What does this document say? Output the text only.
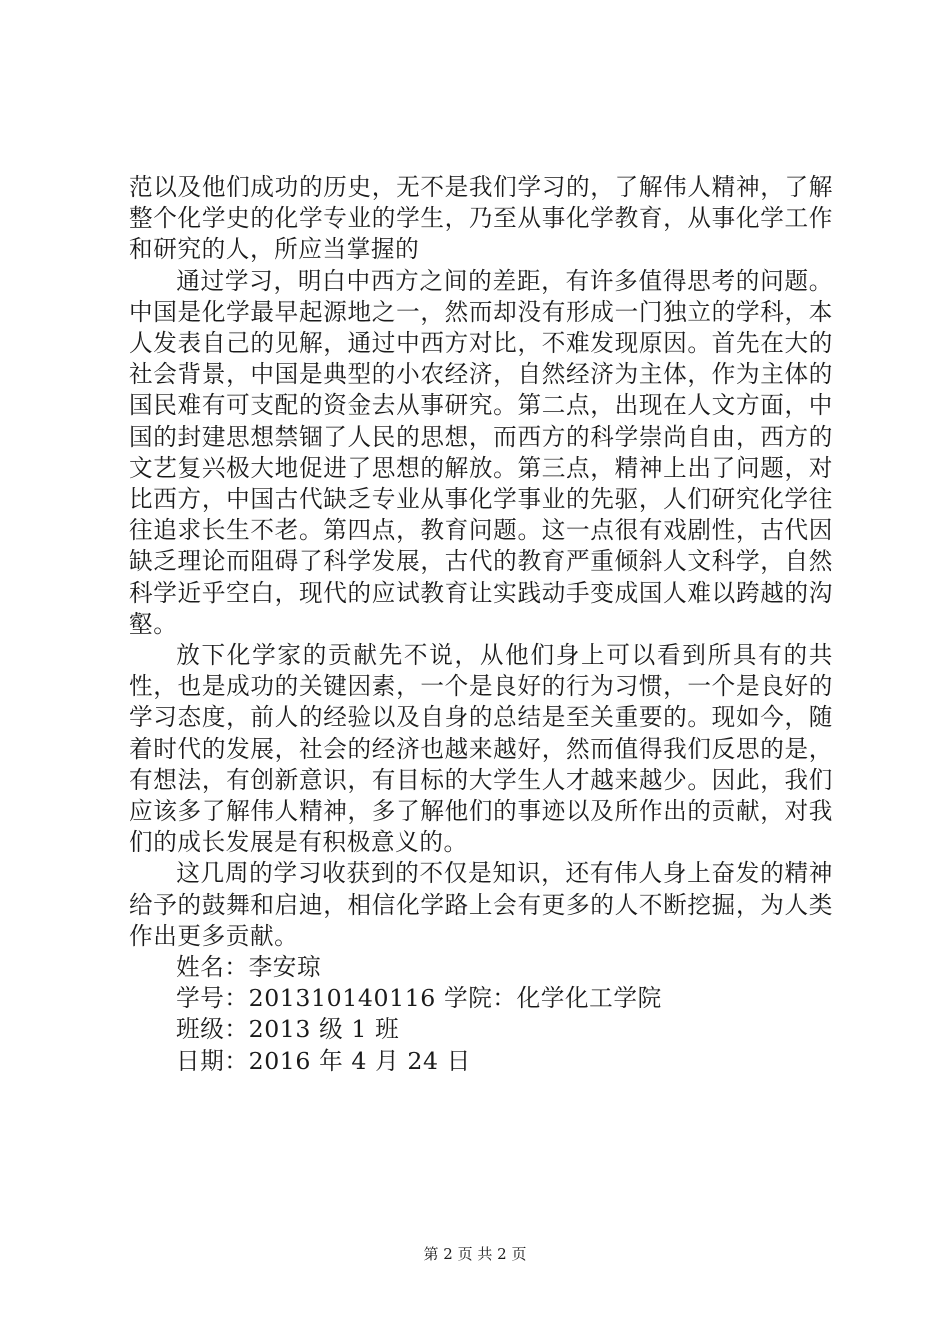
范以及他们成功的历史，无不是我们学习的，了解伟人精神，了解整个化学史的化学专业的学生，乃至从事化学教育，从事化学工作和研究的人，所应当掌握的

通过学习，明白中西方之间的差距，有许多值得思考的问题。中国是化学最早起源地之一，然而却没有形成一门独立的学科，本人发表自己的见解，通过中西方对比，不难发现原因。首先在大的社会背景，中国是典型的小农经济，自然经济为主体，作为主体的国民难有可支配的资金去从事研究。第二点，出现在人文方面，中国的封建思想禁锢了人民的思想，而西方的科学崇尚自由，西方的文艺复兴极大地促进了思想的解放。第三点，精神上出了问题，对比西方，中国古代缺乏专业从事化学事业的先驱，人们研究化学往往追求长生不老。第四点，教育问题。这一点很有戏剧性，古代因缺乏理论而阻碍了科学发展，古代的教育严重倾斜人文科学，自然科学近乎空白，现代的应试教育让实践动手变成国人难以跨越的沟壑。

放下化学家的贡献先不说，从他们身上可以看到所具有的共性，也是成功的关键因素，一个是良好的行为习惯，一个是良好的学习态度，前人的经验以及自身的总结是至关重要的。现如今，随着时代的发展，社会的经济也越来越好，然而值得我们反思的是，有想法，有创新意识，有目标的大学生人才越来越少。因此，我们应该多了解伟人精神，多了解他们的事迹以及所作出的贡献，对我们的成长发展是有积极意义的。

这几周的学习收获到的不仅是知识，还有伟人身上奋发的精神给予的鼓舞和启迪，相信化学路上会有更多的人不断挖掘，为人类作出更多贡献。

姓名：李安琼

学号：201310140116 学院：化学化工学院

班级：2013 级 1 班

日期：2016 年 4 月 24 日

第 2 页 共 2 页
